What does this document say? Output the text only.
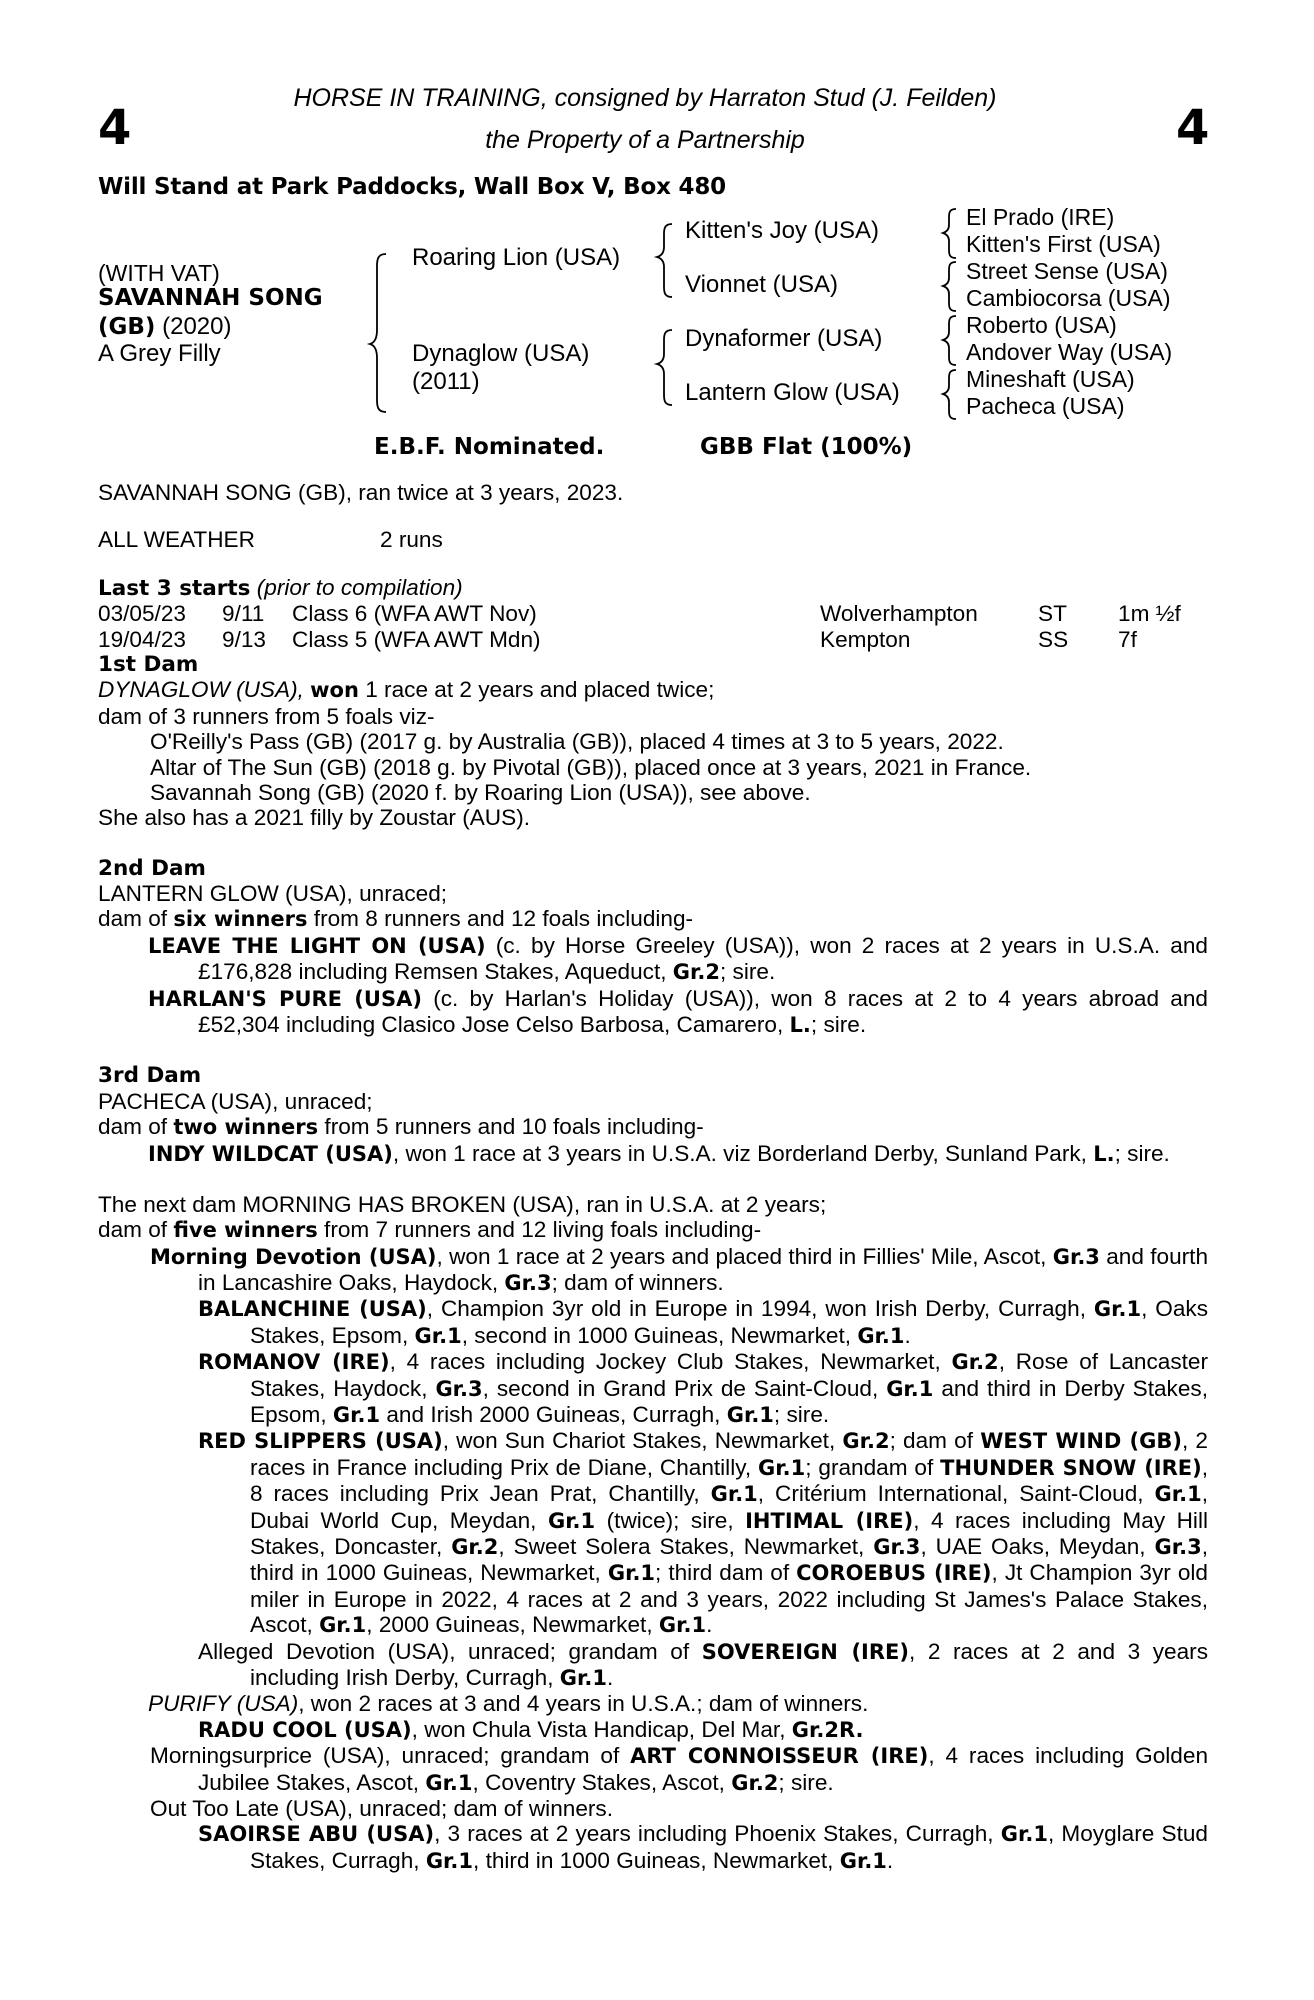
4	4
HORSE IN TRAINING, consigned by Harraton Stud (J. Feilden)
the Property of a Partnership
Will Stand at Park Paddocks, Wall Box V, Box 480
(WITH VAT)
SAVANNAH SONG
(GB) (2020)
A Grey Filly
Roaring Lion (USA)
Dynaglow (USA)
(2011)
Kitten's Joy (USA)
Vionnet (USA)
Dynaformer (USA)
Lantern Glow (USA)
El Prado (IRE)
Kitten's First (USA)
Street Sense (USA)
Cambiocorsa (USA)
Roberto (USA)
Andover Way (USA)
Mineshaft (USA)
Pacheca (USA)
E.B.F. Nominated.	GBB Flat (100%)

SAVANNAH SONG (GB), ran twice at 3 years, 2023.

ALL WEATHER	2 runs

Last 3 starts (prior to compilation)

03/05/23 9/11 Class 6 (WFA AWT Nov)	Wolverhampton	ST 1m ½f
19/04/23 9/13 Class 5 (WFA AWT Mdn)	Kempton	SS 7f

1st Dam

DYNAGLOW (USA), won 1 race at 2 years and placed twice;

dam of 3 runners from 5 foals viz-

O'Reilly's Pass (GB) (2017 g. by Australia (GB)), placed 4 times at 3 to 5 years, 2022.

Altar of The Sun (GB) (2018 g. by Pivotal (GB)), placed once at 3 years, 2021 in France.

Savannah Song (GB) (2020 f. by Roaring Lion (USA)), see above.

She also has a 2021 filly by Zoustar (AUS).

2nd Dam

LANTERN GLOW (USA), unraced;

dam of six winners from 8 runners and 12 foals including-

LEAVE THE LIGHT ON (USA) (c. by Horse Greeley (USA)), won 2 races at 2 years in U.S.A. and £176,828 including Remsen Stakes, Aqueduct, Gr.2; sire.

HARLAN'S PURE (USA) (c. by Harlan's Holiday (USA)), won 8 races at 2 to 4 years abroad and £52,304 including Clasico Jose Celso Barbosa, Camarero, L.; sire.

3rd Dam

PACHECA (USA), unraced;

dam of two winners from 5 runners and 10 foals including-

INDY WILDCAT (USA), won 1 race at 3 years in U.S.A. viz Borderland Derby, Sunland Park, L.; sire.

The next dam MORNING HAS BROKEN (USA), ran in U.S.A. at 2 years;

dam of five winners from 7 runners and 12 living foals including-

Morning Devotion (USA), won 1 race at 2 years and placed third in Fillies' Mile, Ascot, Gr.3 and fourth in Lancashire Oaks, Haydock, Gr.3; dam of winners.

BALANCHINE (USA), Champion 3yr old in Europe in 1994, won Irish Derby, Curragh, Gr.1, Oaks Stakes, Epsom, Gr.1, second in 1000 Guineas, Newmarket, Gr.1.

ROMANOV (IRE), 4 races including Jockey Club Stakes, Newmarket, Gr.2, Rose of Lancaster Stakes, Haydock, Gr.3, second in Grand Prix de Saint-Cloud, Gr.1 and third in Derby Stakes, Epsom, Gr.1 and Irish 2000 Guineas, Curragh, Gr.1; sire.

RED SLIPPERS (USA), won Sun Chariot Stakes, Newmarket, Gr.2; dam of WEST WIND (GB), 2 races in France including Prix de Diane, Chantilly, Gr.1; grandam of THUNDER SNOW (IRE), 8 races including Prix Jean Prat, Chantilly, Gr.1, Critérium International, Saint-Cloud, Gr.1, Dubai World Cup, Meydan, Gr.1 (twice); sire, IHTIMAL (IRE), 4 races including May Hill Stakes, Doncaster, Gr.2, Sweet Solera Stakes, Newmarket, Gr.3, UAE Oaks, Meydan, Gr.3, third in 1000 Guineas, Newmarket, Gr.1; third dam of COROEBUS (IRE), Jt Champion 3yr old miler in Europe in 2022, 4 races at 2 and 3 years, 2022 including St James's Palace Stakes, Ascot, Gr.1, 2000 Guineas, Newmarket, Gr.1.

Alleged Devotion (USA), unraced; grandam of SOVEREIGN (IRE), 2 races at 2 and 3 years including Irish Derby, Curragh, Gr.1.

PURIFY (USA), won 2 races at 3 and 4 years in U.S.A.; dam of winners.

RADU COOL (USA), won Chula Vista Handicap, Del Mar, Gr.2R.

Morningsurprice (USA), unraced; grandam of ART CONNOISSEUR (IRE), 4 races including Golden Jubilee Stakes, Ascot, Gr.1, Coventry Stakes, Ascot, Gr.2; sire.

Out Too Late (USA), unraced; dam of winners.

SAOIRSE ABU (USA), 3 races at 2 years including Phoenix Stakes, Curragh, Gr.1, Moyglare Stud Stakes, Curragh, Gr.1, third in 1000 Guineas, Newmarket, Gr.1.
